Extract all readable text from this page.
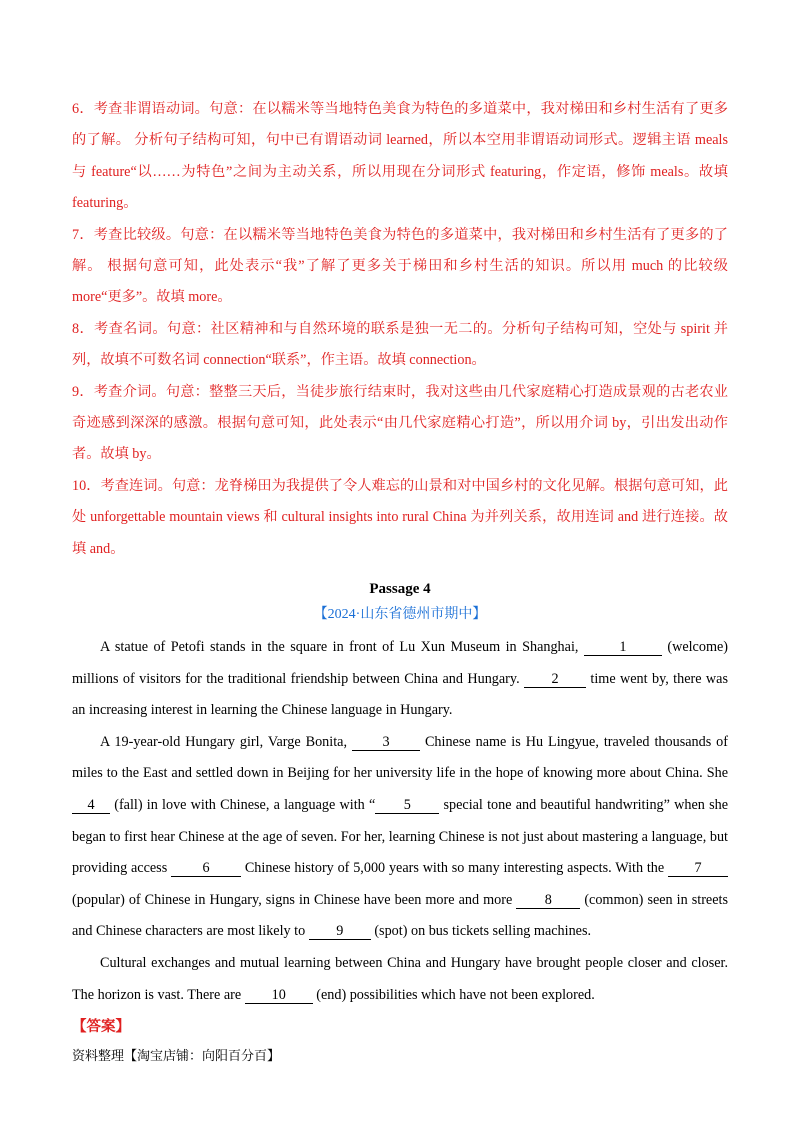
6．考查非谓语动词。句意：在以糯米等当地特色美食为特色的多道菜中，我对梯田和乡村生活有了更多的了解。 分析句子结构可知，句中已有谓语动词 learned，所以本空用非谓语动词形式。逻辑主语 meals 与 feature“以……为特色”之间为主动关系，所以用现在分词形式 featuring，作定语，修饰 meals。故填 featuring。

7．考查比较级。句意：在以糯米等当地特色美食为特色的多道菜中，我对梯田和乡村生活有了更多的了解。 根据句意可知，此处表示“我”了解了更多关于梯田和乡村生活的知识。所以用 much 的比较级 more“更多”。故填 more。

8．考查名词。句意：社区精神和与自然环境的联系是独一无二的。分析句子结构可知，空处与 spirit 并列，故填不可数名词 connection“联系”，作主语。故填 connection。

9．考查介词。句意：整整三天后，当徒步旅行结束时，我对这些由几代家庭精心打造成景观的古老农业奇迹感到深深的感激。根据句意可知，此处表示“由几代家庭精心打造”，所以用介词 by，引出发出动作者。故填 by。

10．考查连词。句意：龙脊梯田为我提供了令人难忘的山景和对中国乡村的文化见解。根据句意可知，此处 unforgettable mountain views 和 cultural insights into rural China 为并列关系，故用连词 and 进行连接。故填 and。

Passage 4
【2024·山东省德州市期中】

A statue of Petofi stands in the square in front of Lu Xun Museum in Shanghai,	1	(welcome) millions of visitors for the traditional friendship between China and Hungary. 2 time went by, there was an increasing interest in learning the Chinese language in Hungary.

A 19-year-old Hungary girl, Varge Bonita, 3 Chinese name is Hu Lingyue, traveled thousands of miles to the East and settled down in Beijing for her university life in the hope of knowing more about China. She 4 (fall) in love with Chinese, a language with “ 5 special tone and beautiful handwriting” when she began to first hear Chinese at the age of seven. For her, learning Chinese is not just about mastering a language, but providing access 6 Chinese history of 5,000 years with so many interesting aspects. With the 7 (popular) of Chinese in Hungary, signs in Chinese have been more and more 8 (common) seen in streets and Chinese characters are most likely to 9 (spot) on bus tickets selling machines.

Cultural exchanges and mutual learning between China and Hungary have brought people closer and closer. The horizon is vast. There are 10 (end) possibilities which have not been explored.

【答案】
资料整理【淘宝店铺：向阳百分百】
